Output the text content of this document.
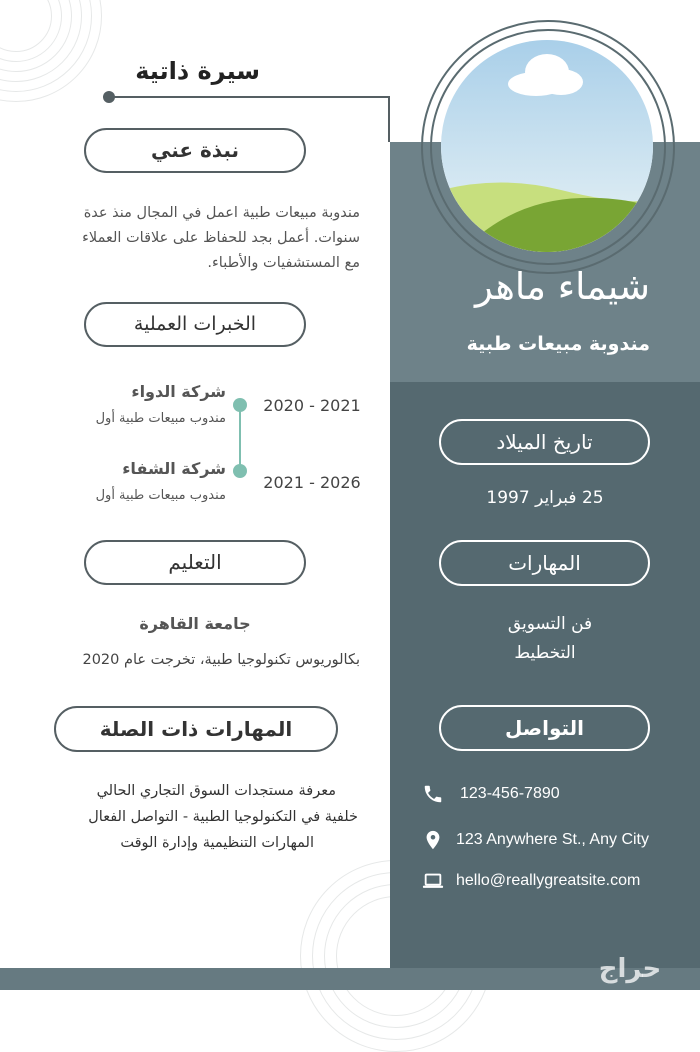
شيماء ماهر
مندوبة مبيعات طبية
سيرة ذاتية
نبذة عني
مندوبة مبيعات طبية اعمل في المجال منذ عدة
سنوات. أعمل بجد للحفاظ على علاقات العملاء
مع المستشفيات والأطباء.
الخبرات العملية
شركة الدواء
مندوب مبيعات طبية أول
2020 - 2021
شركة الشفاء
مندوب مبيعات طبية أول
2021 - 2026
التعليم
جامعة القاهرة
بكالوريوس تكنولوجيا طبية، تخرجت عام 2020
المهارات ذات الصلة
معرفة مستجدات السوق التجاري الحالي
خلفية في التكنولوجيا الطبية - التواصل الفعال
المهارات التنظيمية وإدارة الوقت
تاريخ الميلاد
25 فبراير 1997
المهارات
فن التسويق
التخطيط
التواصل
123-456-7890
123 Anywhere St., Any City
hello@reallygreatsite.com
حراج
